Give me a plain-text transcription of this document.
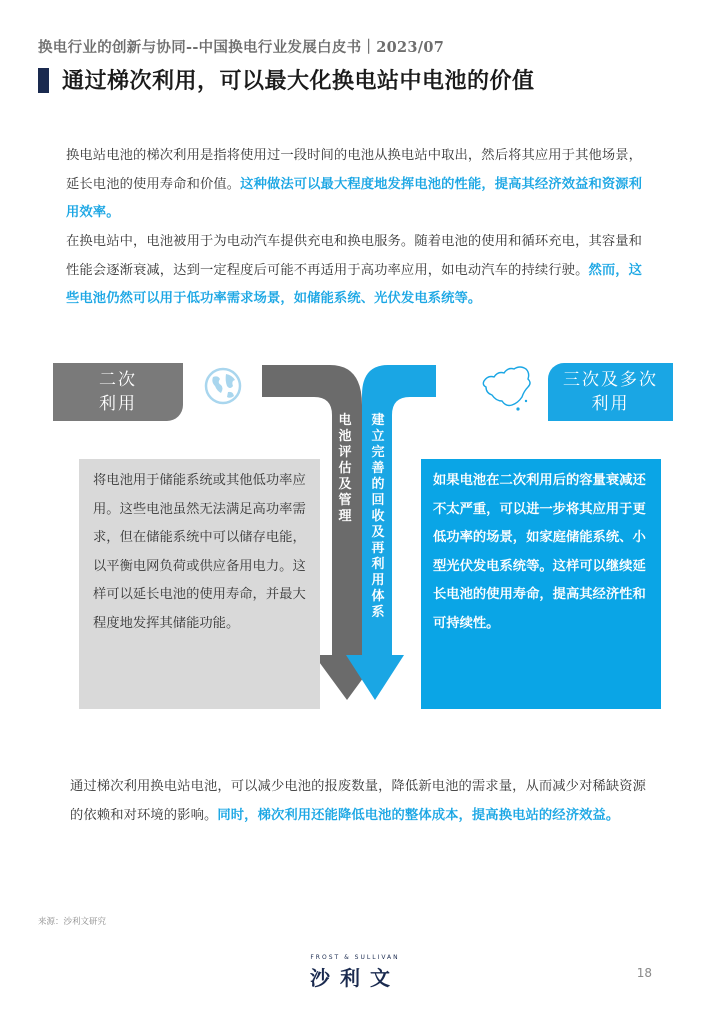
换电行业的创新与协同--中国换电行业发展白皮书｜2023/07
通过梯次利用，可以最大化换电站中电池的价值
换电站电池的梯次利用是指将使用过一段时间的电池从换电站中取出，然后将其应用于其他场景，延长电池的使用寿命和价值。这种做法可以最大程度地发挥电池的性能，提高其经济效益和资源利用效率。
在换电站中，电池被用于为电动汽车提供充电和换电服务。随着电池的使用和循环充电，其容量和性能会逐渐衰减，达到一定程度后可能不再适用于高功率应用，如电动汽车的持续行驶。然而，这些电池仍然可以用于低功率需求场景，如储能系统、光伏发电系统等。
二次
利用
三次及多次
利用
电池评估及管理
建立完善的回收及再利用体系
将电池用于储能系统或其他低功率应用。这些电池虽然无法满足高功率需求，但在储能系统中可以储存电能，以平衡电网负荷或供应备用电力。这样可以延长电池的使用寿命，并最大程度地发挥其储能功能。
如果电池在二次利用后的容量衰减还不太严重，可以进一步将其应用于更低功率的场景，如家庭储能系统、小型光伏发电系统等。这样可以继续延长电池的使用寿命，提高其经济性和可持续性。
通过梯次利用换电站电池，可以减少电池的报废数量，降低新电池的需求量，从而减少对稀缺资源的依赖和对环境的影响。同时，梯次利用还能降低电池的整体成本，提高换电站的经济效益。
来源：沙利文研究
FROST & SULLIVAN
沙利文	18
